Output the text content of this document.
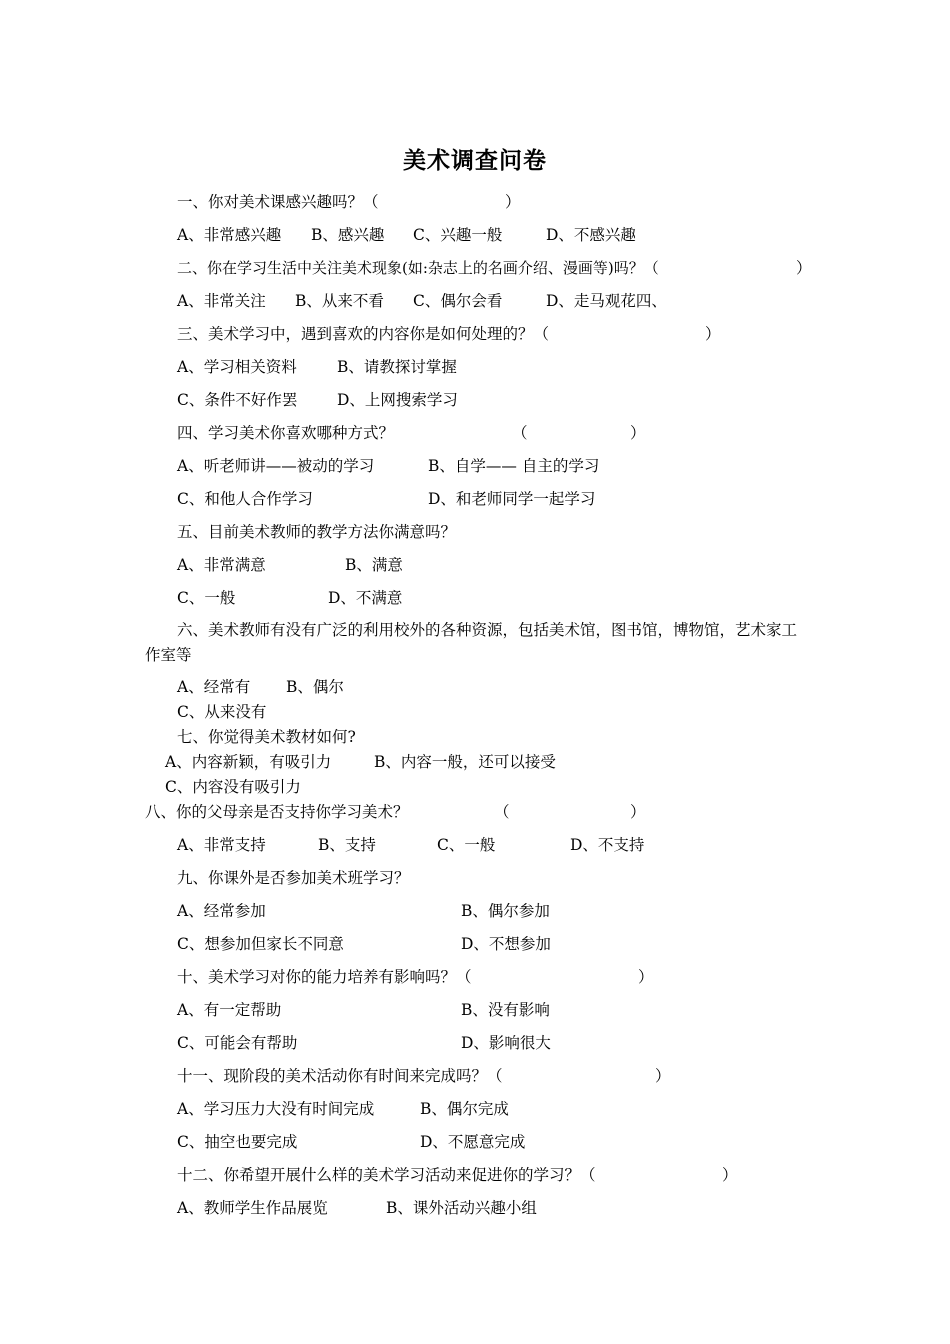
美术调查问卷
一、你对美术课感兴趣吗？（	）
A、非常感兴趣 B、感兴趣 C、兴趣一般	D、不感兴趣
二、你在学习生活中关注美术现象(如:杂志上的名画介绍、漫画等)吗？（	）
A、非常关注 B、从来不看 C、偶尔会看	D、走马观花四、
三、美术学习中，遇到喜欢的内容你是如何处理的？（	）
A、学习相关资料	B、请教探讨掌握
C、条件不好作罢	D、上网搜索学习
四、学习美术你喜欢哪种方式？	（	）
A、听老师讲——被动的学习	B、自学—— 自主的学习
C、和他人合作学习	D、和老师同学一起学习
五、目前美术教师的教学方法你满意吗？
A、非常满意	B、满意
C、一般	D、不满意
六、美术教师有没有广泛的利用校外的各种资源，包括美术馆，图书馆，博物馆，艺术家工作室等
A、经常有 B、偶尔
C、从来没有
七、你觉得美术教材如何?
A、内容新颖，有吸引力	B、内容一般，还可以接受
C、内容没有吸引力
八、你的父母亲是否支持你学习美术？	（	）
A、非常支持	B、支持	C、一般	D、不支持
九、你课外是否参加美术班学习？
A、经常参加	B、偶尔参加
C、想参加但家长不同意	D、不想参加
十、美术学习对你的能力培养有影响吗？（	）
A、有一定帮助	B、没有影响
C、可能会有帮助	D、影响很大
十一、现阶段的美术活动你有时间来完成吗？（	）
A、学习压力大没有时间完成	B、偶尔完成
C、抽空也要完成	D、不愿意完成
十二、你希望开展什么样的美术学习活动来促进你的学习？（	）
A、教师学生作品展览	B、课外活动兴趣小组
